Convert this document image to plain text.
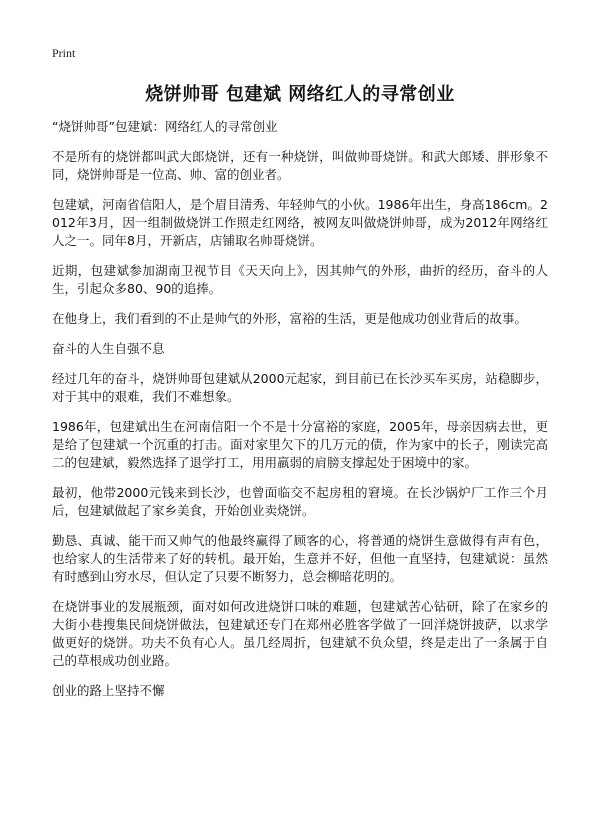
Print
烧饼帅哥 包建斌 网络红人的寻常创业

“烧饼帅哥”包建斌：网络红人的寻常创业

不是所有的烧饼都叫武大郎烧饼，还有一种烧饼，叫做帅哥烧饼。和武大郎矮、胖形象不同，烧饼帅哥是一位高、帅、富的创业者。

包建斌，河南省信阳人，是个眉目清秀、年轻帅气的小伙。1986年出生，身高186cm。2012年3月，因一组制做烧饼工作照走红网络，被网友叫做烧饼帅哥，成为2012年网络红人之一。同年8月，开新店，店铺取名帅哥烧饼。

近期，包建斌参加湖南卫视节目《天天向上》，因其帅气的外形，曲折的经历，奋斗的人生，引起众多80、90的追捧。

在他身上，我们看到的不止是帅气的外形，富裕的生活，更是他成功创业背后的故事。

奋斗的人生自强不息

经过几年的奋斗，烧饼帅哥包建斌从2000元起家，到目前已在长沙买车买房，站稳脚步，对于其中的艰难，我们不难想象。

1986年，包建斌出生在河南信阳一个不是十分富裕的家庭，2005年，母亲因病去世，更是给了包建斌一个沉重的打击。面对家里欠下的几万元的债，作为家中的长子，刚读完高二的包建斌，毅然选择了退学打工，用用羸弱的肩膀支撑起处于困境中的家。

最初，他带2000元钱来到长沙，也曾面临交不起房租的窘境。在长沙锅炉厂工作三个月后，包建斌做起了家乡美食，开始创业卖烧饼。

勤恳、真诚、能干而又帅气的他最终赢得了顾客的心，将普通的烧饼生意做得有声有色，也给家人的生活带来了好的转机。最开始，生意并不好，但他一直坚持，包建斌说：虽然有时感到山穷水尽，但认定了只要不断努力，总会柳暗花明的。

在烧饼事业的发展瓶颈，面对如何改进烧饼口味的难题，包建斌苦心钻研，除了在家乡的大街小巷搜集民间烧饼做法，包建斌还专门在郑州必胜客学做了一回洋烧饼披萨，以求学做更好的烧饼。功夫不负有心人。虽几经周折，包建斌不负众望，终是走出了一条属于自己的草根成功创业路。

创业的路上坚持不懈
